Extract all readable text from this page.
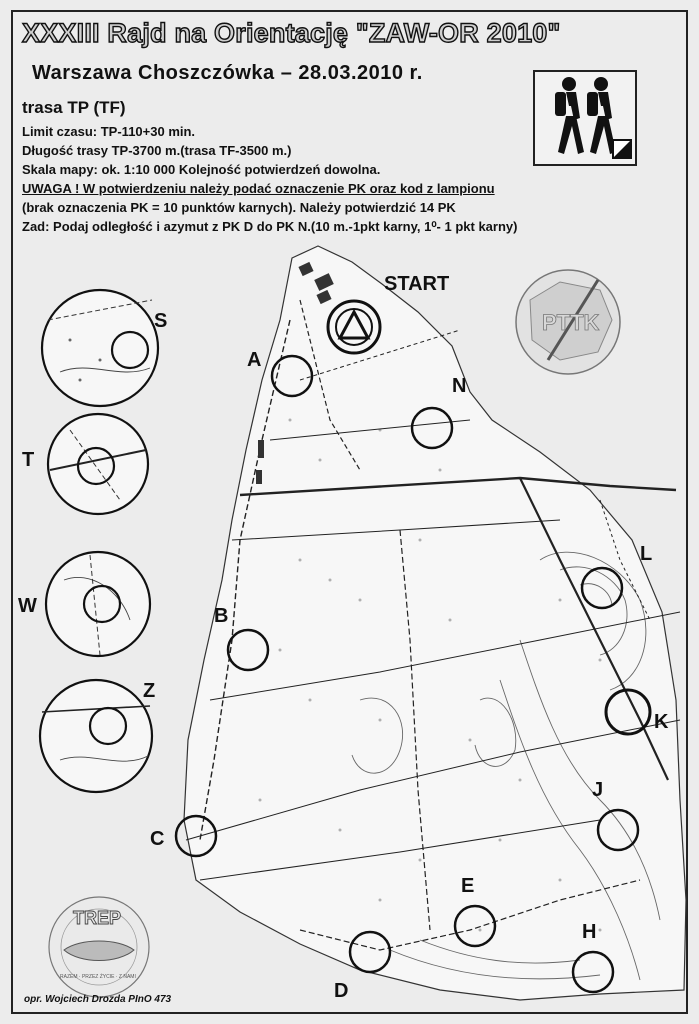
XXXIII Rajd na Orientację "ZAW-OR 2010"
Warszawa Choszczówka – 28.03.2010 r.
trasa TP (TF)
Limit czasu: TP-110+30 min.
Długość trasy TP-3700 m.(trasa TF-3500 m.)
Skala mapy: ok. 1:10 000 Kolejność potwierdzeń dowolna.
UWAGA ! W potwierdzeniu należy podać oznaczenie PK oraz kod z lampionu
(brak oznaczenia PK = 10 punktów karnych). Należy potwierdzić 14 PK
Zad: Podaj odległość i azymut z PK D do PK N.(10 m.-1pkt karny, 1⁰- 1 pkt karny)
START
A
B
C
D
E
H
J
K
L
N
S
T
W
Z
PTTK
TREP
RAZEM · PRZEZ ŻYCIE · Z NAMI
opr. Wojciech Drozda PInO 473
